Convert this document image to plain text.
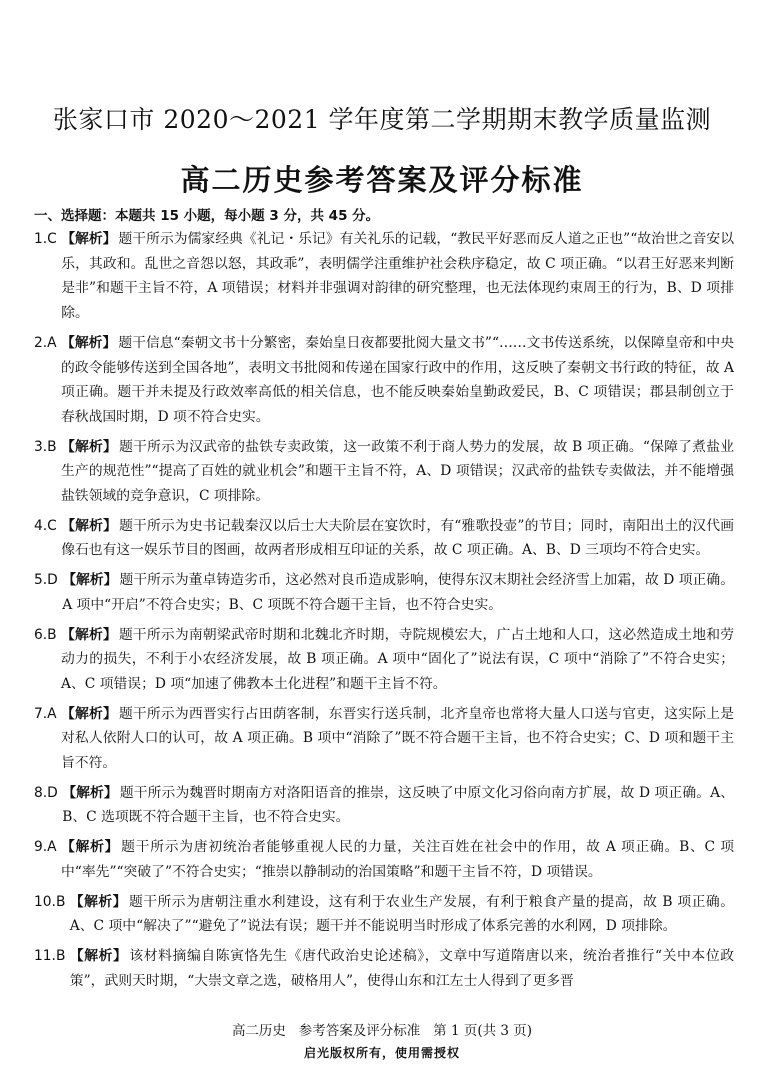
张家口市 2020～2021 学年度第二学期期末教学质量监测
高二历史参考答案及评分标准
一、选择题：本题共 15 小题，每小题 3 分，共 45 分。
1.C 【解析】 题干所示为儒家经典《礼记・乐记》有关礼乐的记载，“教民平好恶而反人道之正也”“故治世之音安以乐，其政和。乱世之音怨以怒，其政乖”，表明儒学注重维护社会秩序稳定，故 C 项正确。“以君王好恶来判断是非”和题干主旨不符，A 项错误；材料并非强调对韵律的研究整理，也无法体现约束周王的行为，B、D 项排除。
2.A 【解析】 题干信息“秦朝文书十分繁密，秦始皇日夜都要批阅大量文书”“……文书传送系统，以保障皇帝和中央的政令能够传送到全国各地”，表明文书批阅和传递在国家行政中的作用，这反映了秦朝文书行政的特征，故 A 项正确。题干并未提及行政效率高低的相关信息，也不能反映秦始皇勤政爱民，B、C 项错误；郡县制创立于春秋战国时期，D 项不符合史实。
3.B 【解析】 题干所示为汉武帝的盐铁专卖政策，这一政策不利于商人势力的发展，故 B 项正确。“保障了煮盐业生产的规范性”“提高了百姓的就业机会”和题干主旨不符，A、D 项错误；汉武帝的盐铁专卖做法，并不能增强盐铁领域的竞争意识，C 项排除。
4.C 【解析】 题干所示为史书记载秦汉以后士大夫阶层在宴饮时，有“雅歌投壶”的节目；同时，南阳出土的汉代画像石也有这一娱乐节目的图画，故两者形成相互印证的关系，故 C 项正确。A、B、D 三项均不符合史实。
5.D 【解析】 题干所示为董卓铸造劣币，这必然对良币造成影响，使得东汉末期社会经济雪上加霜，故 D 项正确。A 项中“开启”不符合史实；B、C 项既不符合题干主旨，也不符合史实。
6.B 【解析】 题干所示为南朝梁武帝时期和北魏北齐时期，寺院规模宏大，广占土地和人口，这必然造成土地和劳动力的损失，不利于小农经济发展，故 B 项正确。A 项中“固化了”说法有误，C 项中“消除了”不符合史实；A、C 项错误；D 项“加速了佛教本土化进程”和题干主旨不符。
7.A 【解析】 题干所示为西晋实行占田荫客制，东晋实行送兵制，北齐皇帝也常将大量人口送与官吏，这实际上是对私人依附人口的认可，故 A 项正确。B 项中“消除了”既不符合题干主旨，也不符合史实；C、D 项和题干主旨不符。
8.D 【解析】 题干所示为魏晋时期南方对洛阳语音的推崇，这反映了中原文化习俗向南方扩展，故 D 项正确。A、B、C 选项既不符合题干主旨，也不符合史实。
9.A 【解析】 题干所示为唐初统治者能够重视人民的力量，关注百姓在社会中的作用，故 A 项正确。B、C 项中“率先”“突破了”不符合史实；“推崇以静制动的治国策略”和题干主旨不符，D 项错误。
10.B 【解析】 题干所示为唐朝注重水利建设，这有利于农业生产发展，有利于粮食产量的提高，故 B 项正确。A、C 项中“解决了”“避免了”说法有误；题干并不能说明当时形成了体系完善的水利网，D 项排除。
11.B 【解析】 该材料摘编自陈寅恪先生《唐代政治史论述稿》，文章中写道隋唐以来，统治者推行“关中本位政策”，武则天时期，“大崇文章之选，破格用人”，使得山东和江左士人得到了更多晋
高二历史   参考答案及评分标准   第 1 页(共 3 页)
启光版权所有，使用需授权
